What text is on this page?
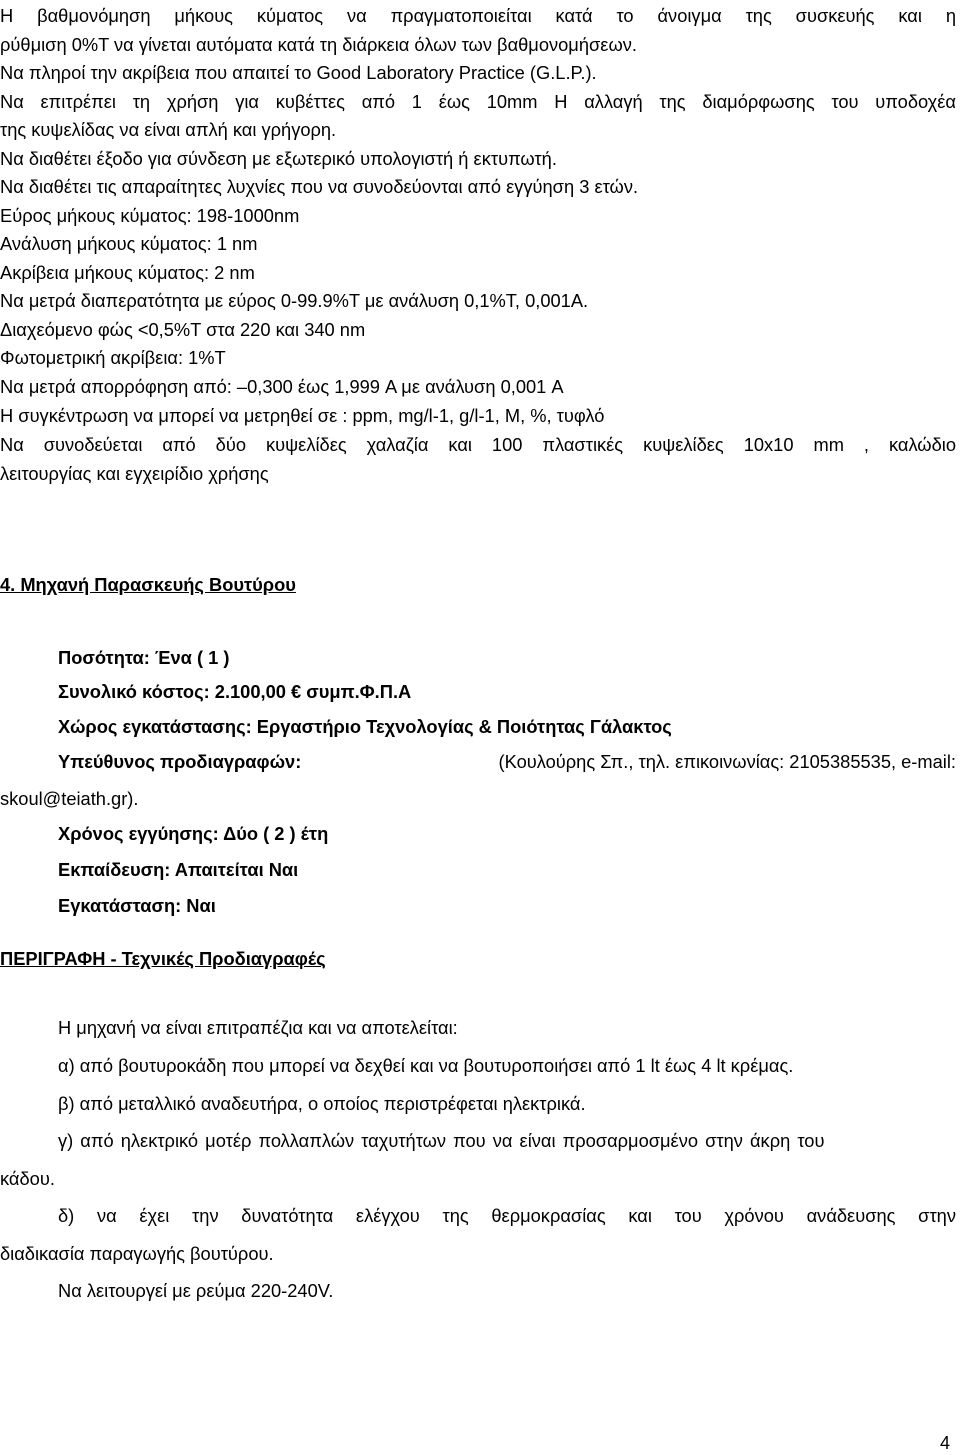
Η βαθμονόμηση μήκους κύματος να πραγματοποιείται κατά το άνοιγμα της συσκευής και η
ρύθμιση 0%T να γίνεται αυτόματα κατά τη διάρκεια όλων των βαθμονομήσεων.
Να πληροί την ακρίβεια που απαιτεί το Good Laboratory Practice (G.L.P.).
Να επιτρέπει τη χρήση για κυβέττες από 1 έως 10mm Η αλλαγή της διαμόρφωσης του υποδοχέα
της κυψελίδας να είναι απλή και γρήγορη.
Να διαθέτει έξοδο για σύνδεση με εξωτερικό υπολογιστή ή εκτυπωτή.
Να διαθέτει τις απαραίτητες λυχνίες που να συνοδεύονται από εγγύηση 3 ετών.
Εύρος μήκους κύματος: 198-1000nm
Ανάλυση μήκους κύματος: 1 nm
Ακρίβεια μήκους κύματος: 2 nm
Να μετρά διαπερατότητα με εύρος 0-99.9%T με ανάλυση 0,1%T, 0,001A.
Διαχεόμενο φώς <0,5%T στα 220 και 340 nm
Φωτομετρική ακρίβεια: 1%T
Να μετρά απορρόφηση από: –0,300 έως 1,999 A με ανάλυση 0,001 A
Η συγκέντρωση να μπορεί να μετρηθεί σε : ppm, mg/l-1, g/l-1, M, %, τυφλό
Να συνοδεύεται από δύο κυψελίδες χαλαζία και 100 πλαστικές κυψελίδες 10x10 mm , καλώδιο
λειτουργίας και εγχειρίδιο χρήσης
4. Μηχανή Παρασκευής Βουτύρου
Ποσότητα: Ένα ( 1 )
Συνολικό κόστος: 2.100,00 € συμπ.Φ.Π.Α
Χώρος εγκατάστασης: Εργαστήριο Τεχνολογίας & Ποιότητας Γάλακτος
Υπεύθυνος προδιαγραφών:	(Κουλούρης Σπ., τηλ. επικοινωνίας: 2105385535, e-mail:
skoul@teiath.gr).
Χρόνος εγγύησης: Δύο ( 2 ) έτη
Εκπαίδευση: Απαιτείται Ναι
Εγκατάσταση: Ναι
ΠΕΡΙΓΡΑΦΗ - Τεχνικές Προδιαγραφές
Η μηχανή να είναι επιτραπέζια και να αποτελείται:
α) από βουτυροκάδη που μπορεί να δεχθεί και να βουτυροποιήσει από 1 lt έως 4 lt κρέμας.
β) από μεταλλικό αναδευτήρα, ο οποίος περιστρέφεται ηλεκτρικά.
γ) από ηλεκτρικό μοτέρ πολλαπλών ταχυτήτων που να είναι προσαρμοσμένο στην άκρη του
κάδου.
δ) να έχει την δυνατότητα ελέγχου της θερμοκρασίας και του χρόνου ανάδευσης στην
διαδικασία παραγωγής βουτύρου.
Να λειτουργεί με ρεύμα 220-240V.
4
